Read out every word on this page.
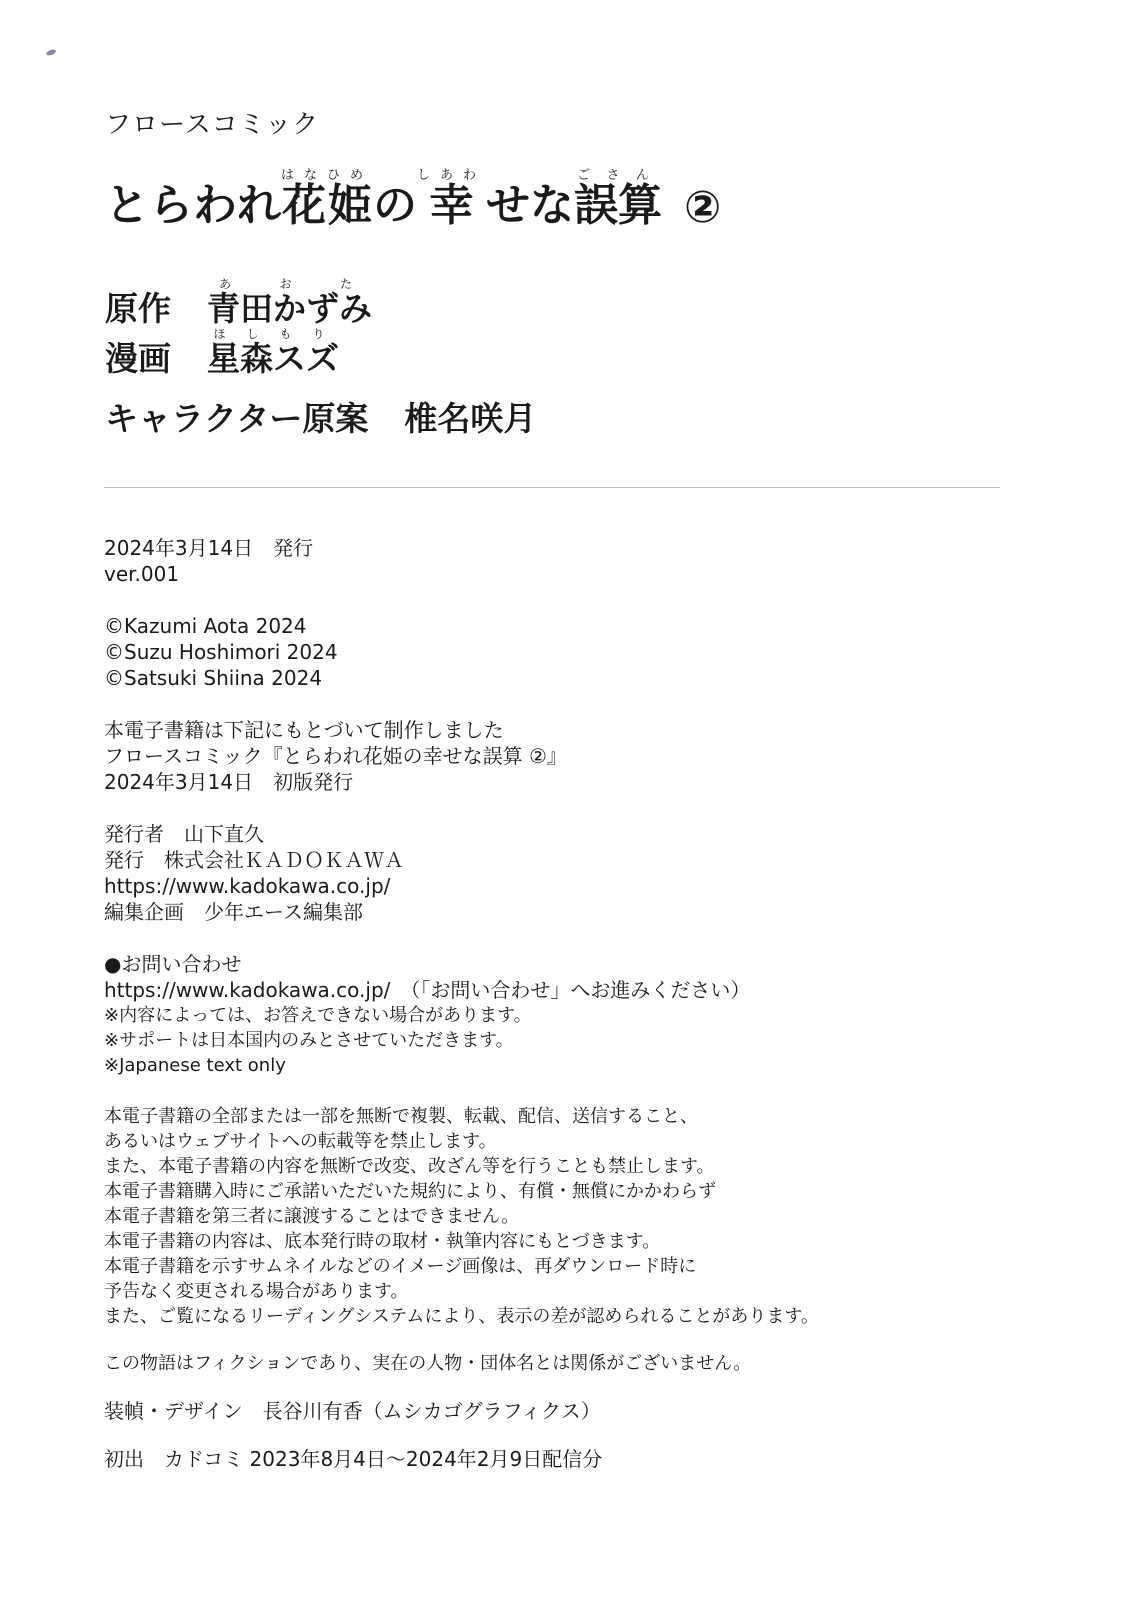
フロースコミック
とらわれ 花姫はなひめ
の 幸しあわ
せな 誤算ごさん
②
原作 青田かずみあおた
漫画 星森スズほしもり
キャラクター原案 椎名咲月
2024年3月14日　発行
ver.001
©Kazumi Aota 2024
©Suzu Hoshimori 2024
©Satsuki Shiina 2024
本電子書籍は下記にもとづいて制作しました
フロースコミック『とらわれ花姫の幸せな誤算 ②』
2024年3月14日　初版発行
発行者　山下直久
発行　株式会社ＫＡＤＯＫＡＷＡ
https://www.kadokawa.co.jp/
編集企画　少年エース編集部
●お問い合わせ
https://www.kadokawa.co.jp/　（「お問い合わせ」へお進みください）
※内容によっては、お答えできない場合があります。
※サポートは日本国内のみとさせていただきます。
※Japanese text only
本電子書籍の全部または一部を無断で複製、転載、配信、送信すること、
あるいはウェブサイトへの転載等を禁止します。
また、本電子書籍の内容を無断で改変、改ざん等を行うことも禁止します。
本電子書籍購入時にご承諾いただいた規約により、有償・無償にかかわらず
本電子書籍を第三者に譲渡することはできません。
本電子書籍の内容は、底本発行時の取材・執筆内容にもとづきます。
本電子書籍を示すサムネイルなどのイメージ画像は、再ダウンロード時に
予告なく変更される場合があります。
また、ご覧になるリーディングシステムにより、表示の差が認められることがあります。
この物語はフィクションであり、実在の人物・団体名とは関係がございません。
装幀・デザイン　長谷川有香（ムシカゴグラフィクス）
初出　カドコミ 2023年8月4日～2024年2月9日配信分
